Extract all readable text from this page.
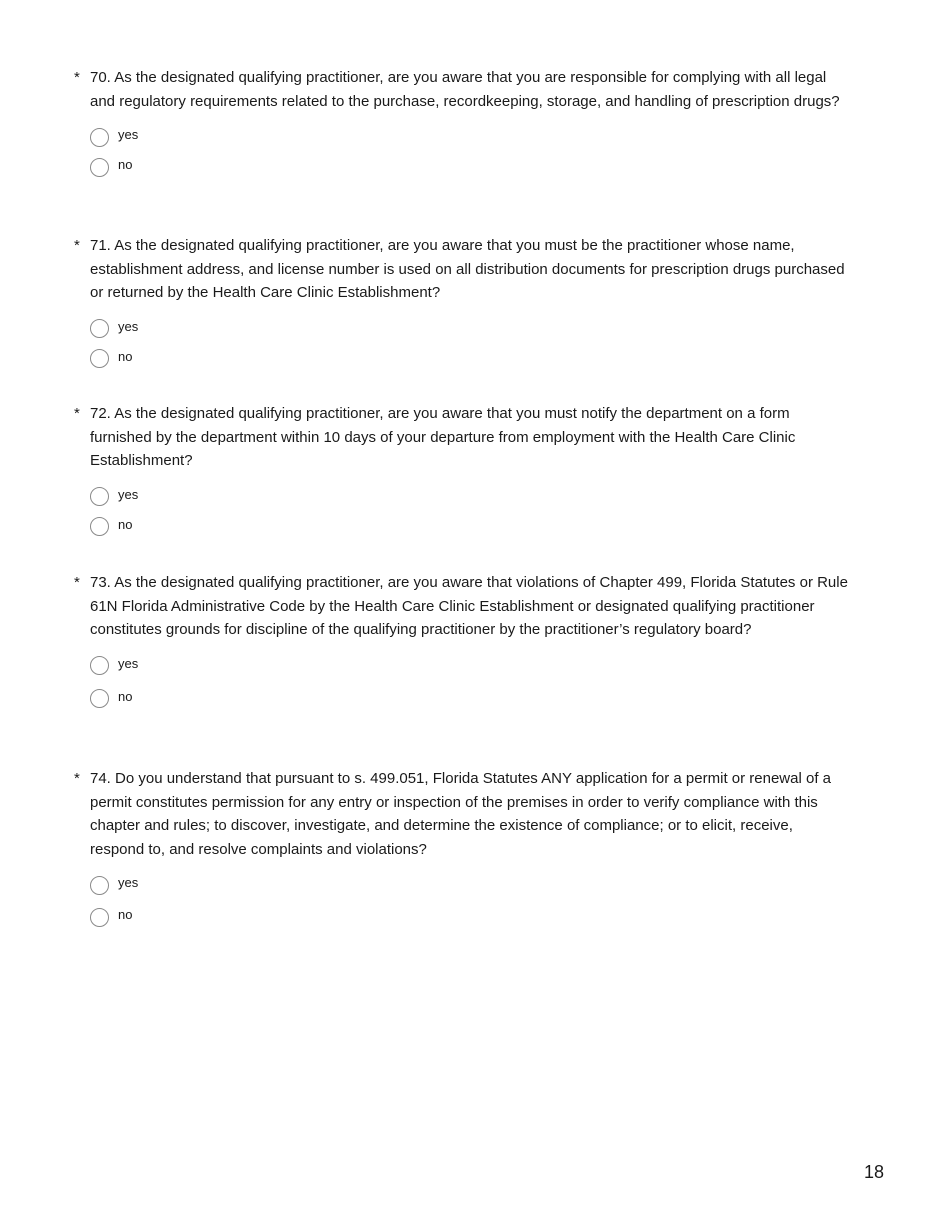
* 70. As the designated qualifying practitioner, are you aware that you are responsible for complying with all legal and regulatory requirements related to the purchase, recordkeeping, storage, and handling of prescription drugs?
yes
no
* 71. As the designated qualifying practitioner, are you aware that you must be the practitioner whose name, establishment address, and license number is used on all distribution documents for prescription drugs purchased or returned by the Health Care Clinic Establishment?
yes
no
* 72. As the designated qualifying practitioner, are you aware that you must notify the department on a form furnished by the department within 10 days of your departure from employment with the Health Care Clinic Establishment?
yes
no
* 73. As the designated qualifying practitioner, are you aware that violations of Chapter 499, Florida Statutes or Rule 61N Florida Administrative Code by the Health Care Clinic Establishment or designated qualifying practitioner constitutes grounds for discipline of the qualifying practitioner by the practitioner’s regulatory board?
yes
no
* 74. Do you understand that pursuant to s. 499.051, Florida Statutes ANY application for a permit or renewal of a permit constitutes permission for any entry or inspection of the premises in order to verify compliance with this chapter and rules; to discover, investigate, and determine the existence of compliance; or to elicit, receive, respond to, and resolve complaints and violations?
yes
no
18
